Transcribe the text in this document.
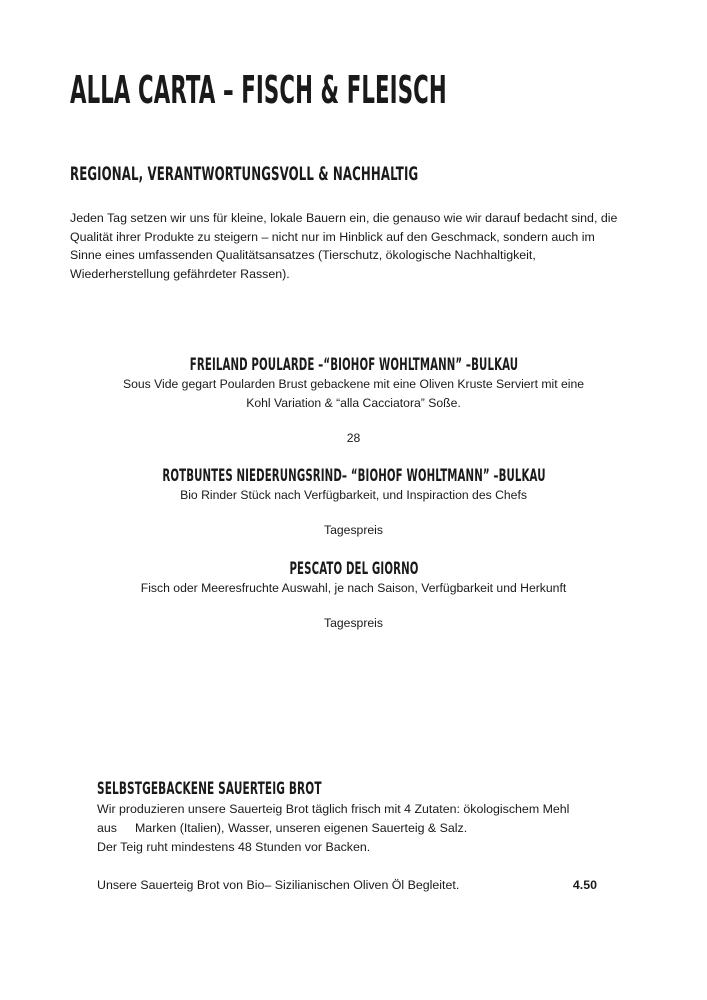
ALLA CARTA – FISCH & FLEISCH
REGIONAL, VERANTWORTUNGSVOLL & NACHHALTIG
Jeden Tag setzen wir uns für kleine, lokale Bauern ein, die genauso wie wir darauf bedacht sind, die
Qualität ihrer Produkte zu steigern – nicht nur im Hinblick auf den Geschmack, sondern auch im
Sinne eines umfassenden Qualitätsansatzes (Tierschutz, ökologische Nachhaltigkeit,
Wiederherstellung gefährdeter Rassen).
FREILAND POULARDE –“BIOHOF WOHLTMANN” –BULKAU
Sous Vide gegart Poularden Brust gebackene mit eine Oliven Kruste Serviert mit eine
Kohl Variation & “alla Cacciatora” Soße.
28
ROTBUNTES NIEDERUNGSRIND– “BIOHOF WOHLTMANN” –BULKAU
Bio Rinder Stück nach Verfügbarkeit, und Inspiraction des Chefs
Tagespreis
PESCATO DEL GIORNO
Fisch oder Meeresfruchte Auswahl, je nach Saison, Verfügbarkeit und Herkunft
Tagespreis
SELBSTGEBACKENE SAUERTEIG BROT
Wir produzieren unsere Sauerteig Brot täglich frisch mit 4 Zutaten: ökologischem Mehl
aus Marken (Italien), Wasser, unseren eigenen Sauerteig & Salz.
Der Teig ruht mindestens 48 Stunden vor Backen.
Unsere Sauerteig Brot von Bio– Sizilianischen Oliven Öl Begleitet.	4.50
